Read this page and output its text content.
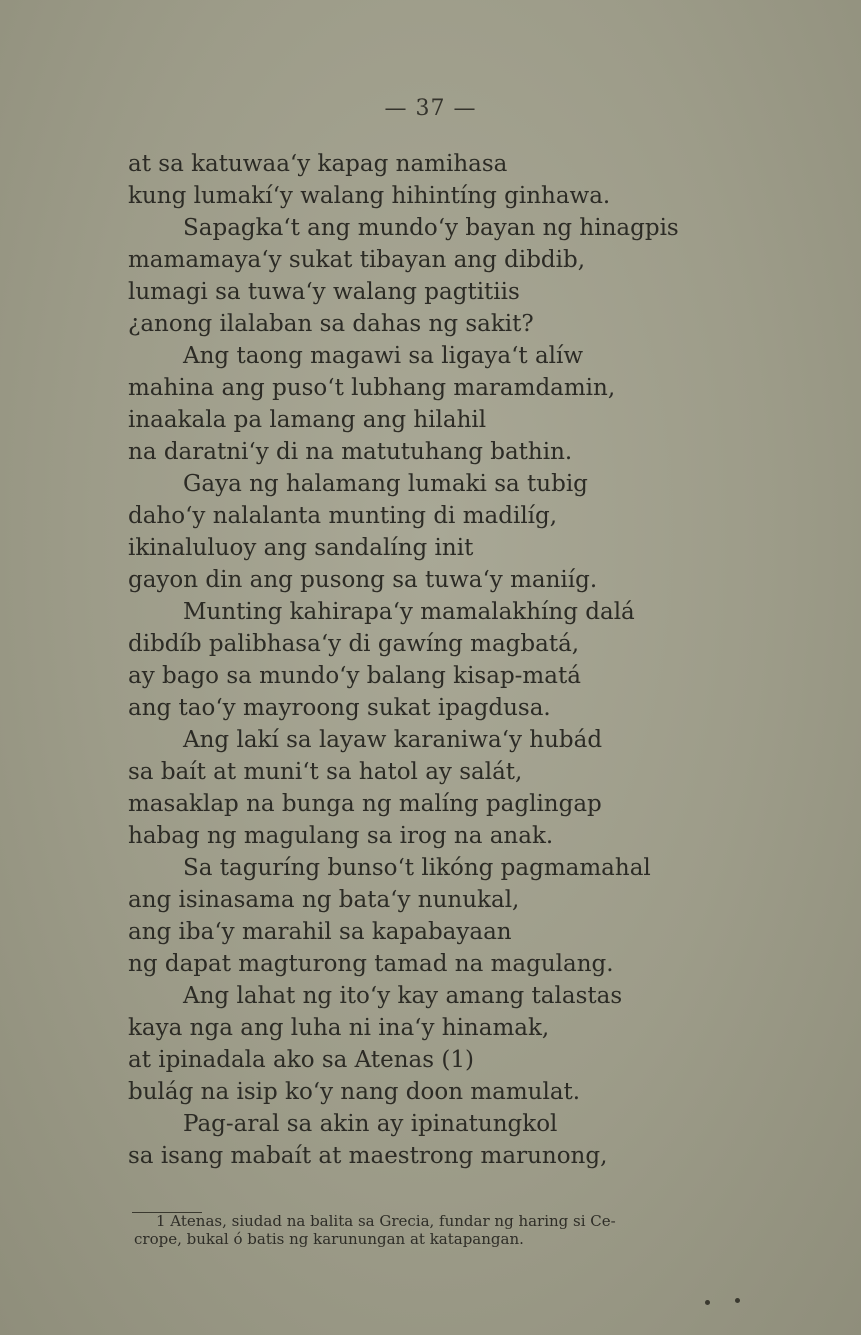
— 37 —
at sa katuwaa‘y kapag namihasa
kung lumakí‘y walang hihintíng ginhawa.
Sapagka‘t ang mundo‘y bayan ng hinagpis
mamamaya‘y sukat tibayan ang dibdib,
lumagi sa tuwa‘y walang pagtitiis
¿anong ilalaban sa dahas ng sakit?
Ang taong magawi sa ligaya‘t alíw
mahina ang puso‘t lubhang maramdamin,
inaakala pa lamang ang hilahil
na daratni‘y di na matutuhang bathin.
Gaya ng halamang lumaki sa tubig
daho‘y nalalanta munting di madilíg,
ikinaluluoy ang sandalíng init
gayon din ang pusong sa tuwa‘y maniíg.
Munting kahirapa‘y mamalakhíng dalá
dibdíb palibhasa‘y di gawíng magbatá,
ay bago sa mundo‘y balang kisap-matá
ang tao‘y mayroong sukat ipagdusa.
Ang lakí sa layaw karaniwa‘y hubád
sa baít at muni‘t sa hatol ay salát,
masaklap na bunga ng malíng paglingap
habag ng magulang sa irog na anak.
Sa taguríng bunso‘t likóng pagmamahal
ang isinasama ng bata‘y nunukal,
ang iba‘y marahil sa kapabayaan
ng dapat magturong tamad na magulang.
Ang lahat ng ito‘y kay amang talastas
kaya nga ang luha ni ina‘y hinamak,
at ipinadala ako sa Atenas (1)
bulág na isip ko‘y nang doon mamulat.
Pag-aral sa akin ay ipinatungkol
sa isang mabaít at maestrong marunong,
1 Atenas, siudad na balita sa Grecia, fundar ng haring si Ce-
crope, bukal ó batis ng karunungan at katapangan.
